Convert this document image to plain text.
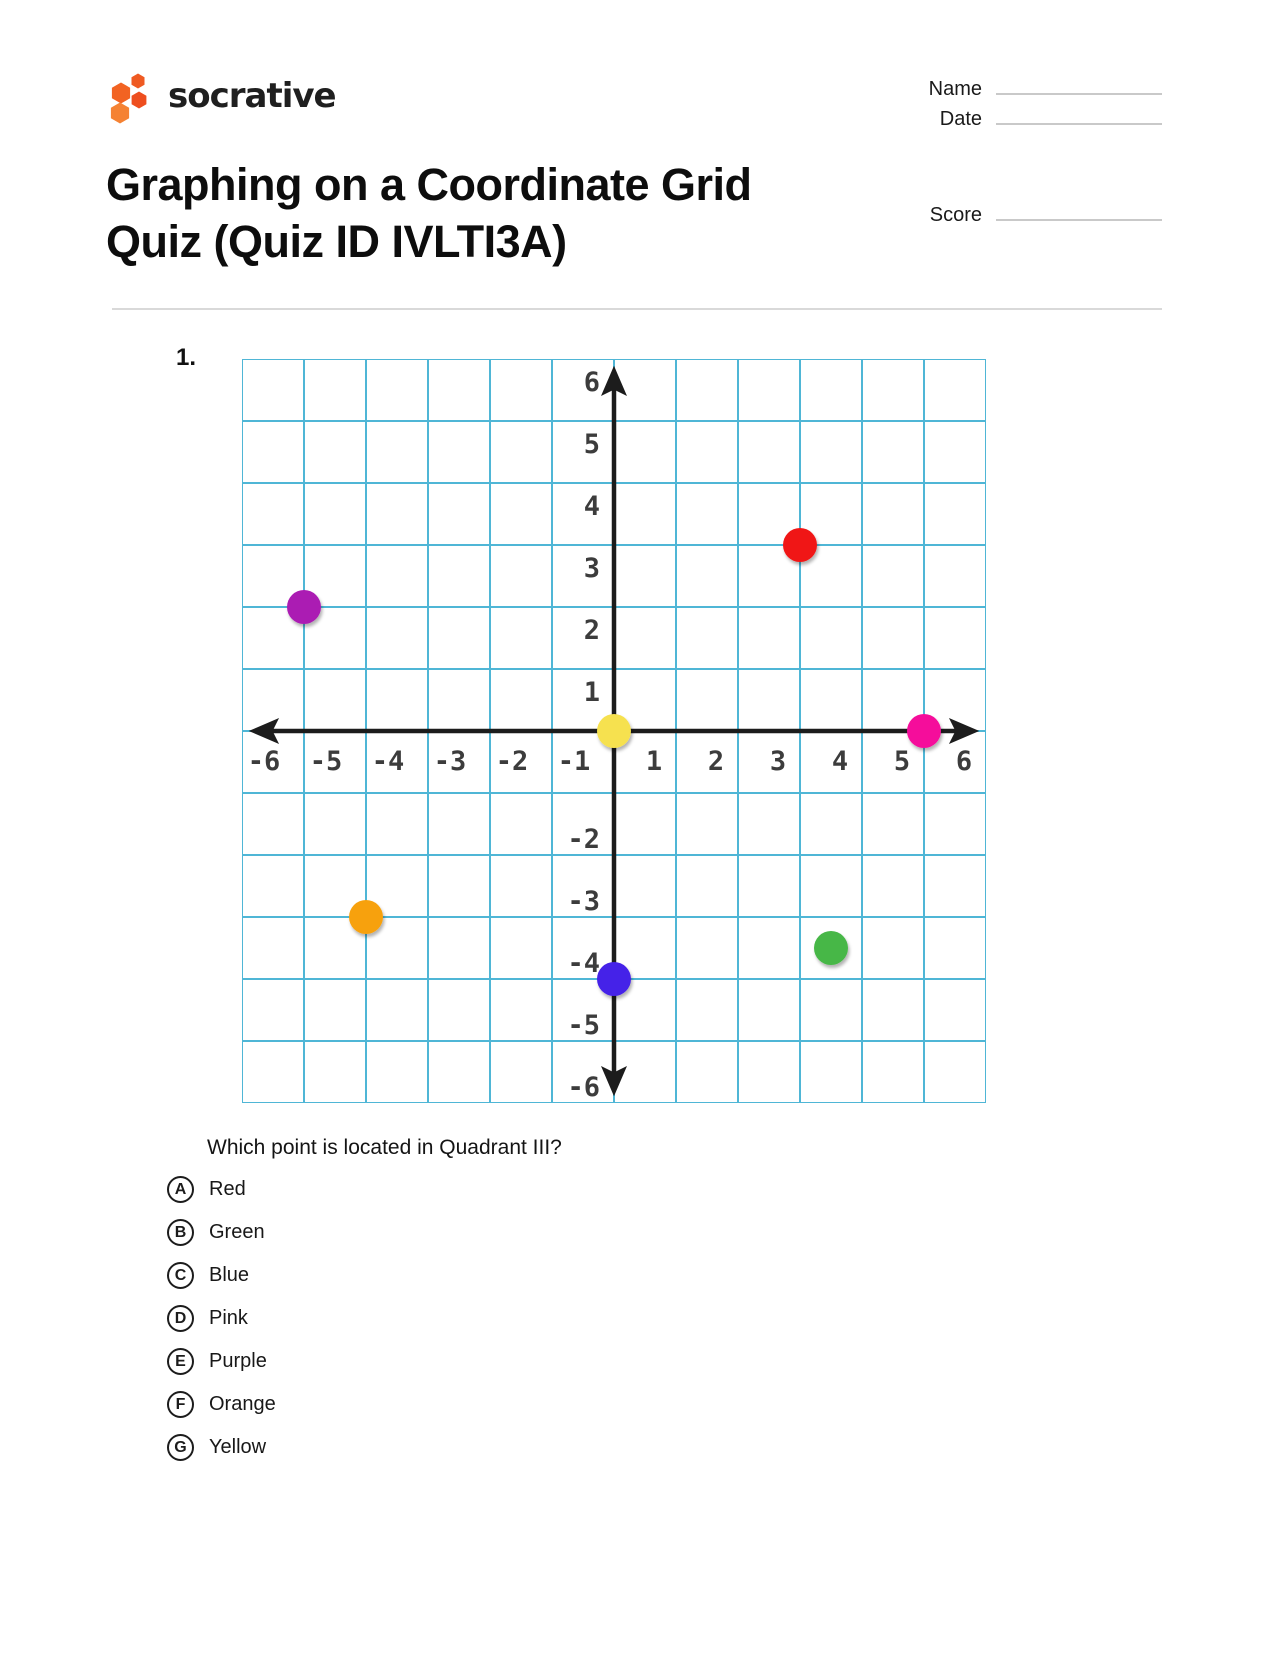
socrative	Name
Date
Score
Graphing on a Coordinate Grid
Quiz (Quiz ID IVLTI3A)
1.
-6 -5 -4 -3 -2 -1 1 2 3 4 5 6
6
5
4
3
2
1
-2
-3
-4
-5
-6
Which point is located in Quadrant III?
A	Red
B	Green
C	Blue
D	Pink
E	Purple
F	Orange
G	Yellow
